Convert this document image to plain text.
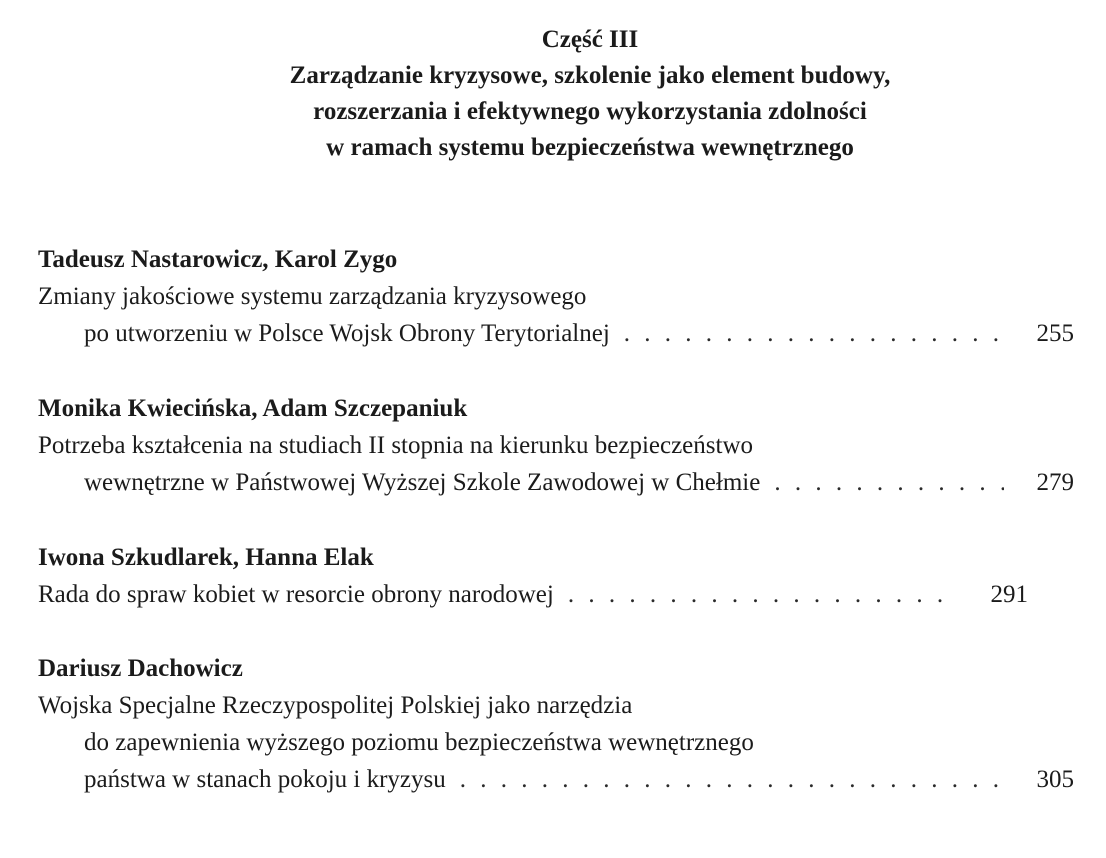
Część III
Zarządzanie kryzysowe, szkolenie jako element budowy,
rozszerzania i efektywnego wykorzystania zdolności
w ramach systemu bezpieczeństwa wewnętrznego
Tadeusz Nastarowicz, Karol Zygo
Zmiany jakościowe systemu zarządzania kryzysowego
po utworzeniu w Polsce Wojsk Obrony Terytorialnej . . .	255
Monika Kwiecińska, Adam Szczepaniuk
Potrzeba kształcenia na studiach II stopnia na kierunku bezpieczeństwo
wewnętrzne w Państwowej Wyższej Szkole Zawodowej w Chełmie . . .	279
Iwona Szkudlarek, Hanna Elak
Rada do spraw kobiet w resorcie obrony narodowej . . .	291
Dariusz Dachowicz
Wojska Specjalne Rzeczypospolitej Polskiej jako narzędzia
do zapewnienia wyższego poziomu bezpieczeństwa wewnętrznego
państwa w stanach pokoju i kryzysu . . .	305
